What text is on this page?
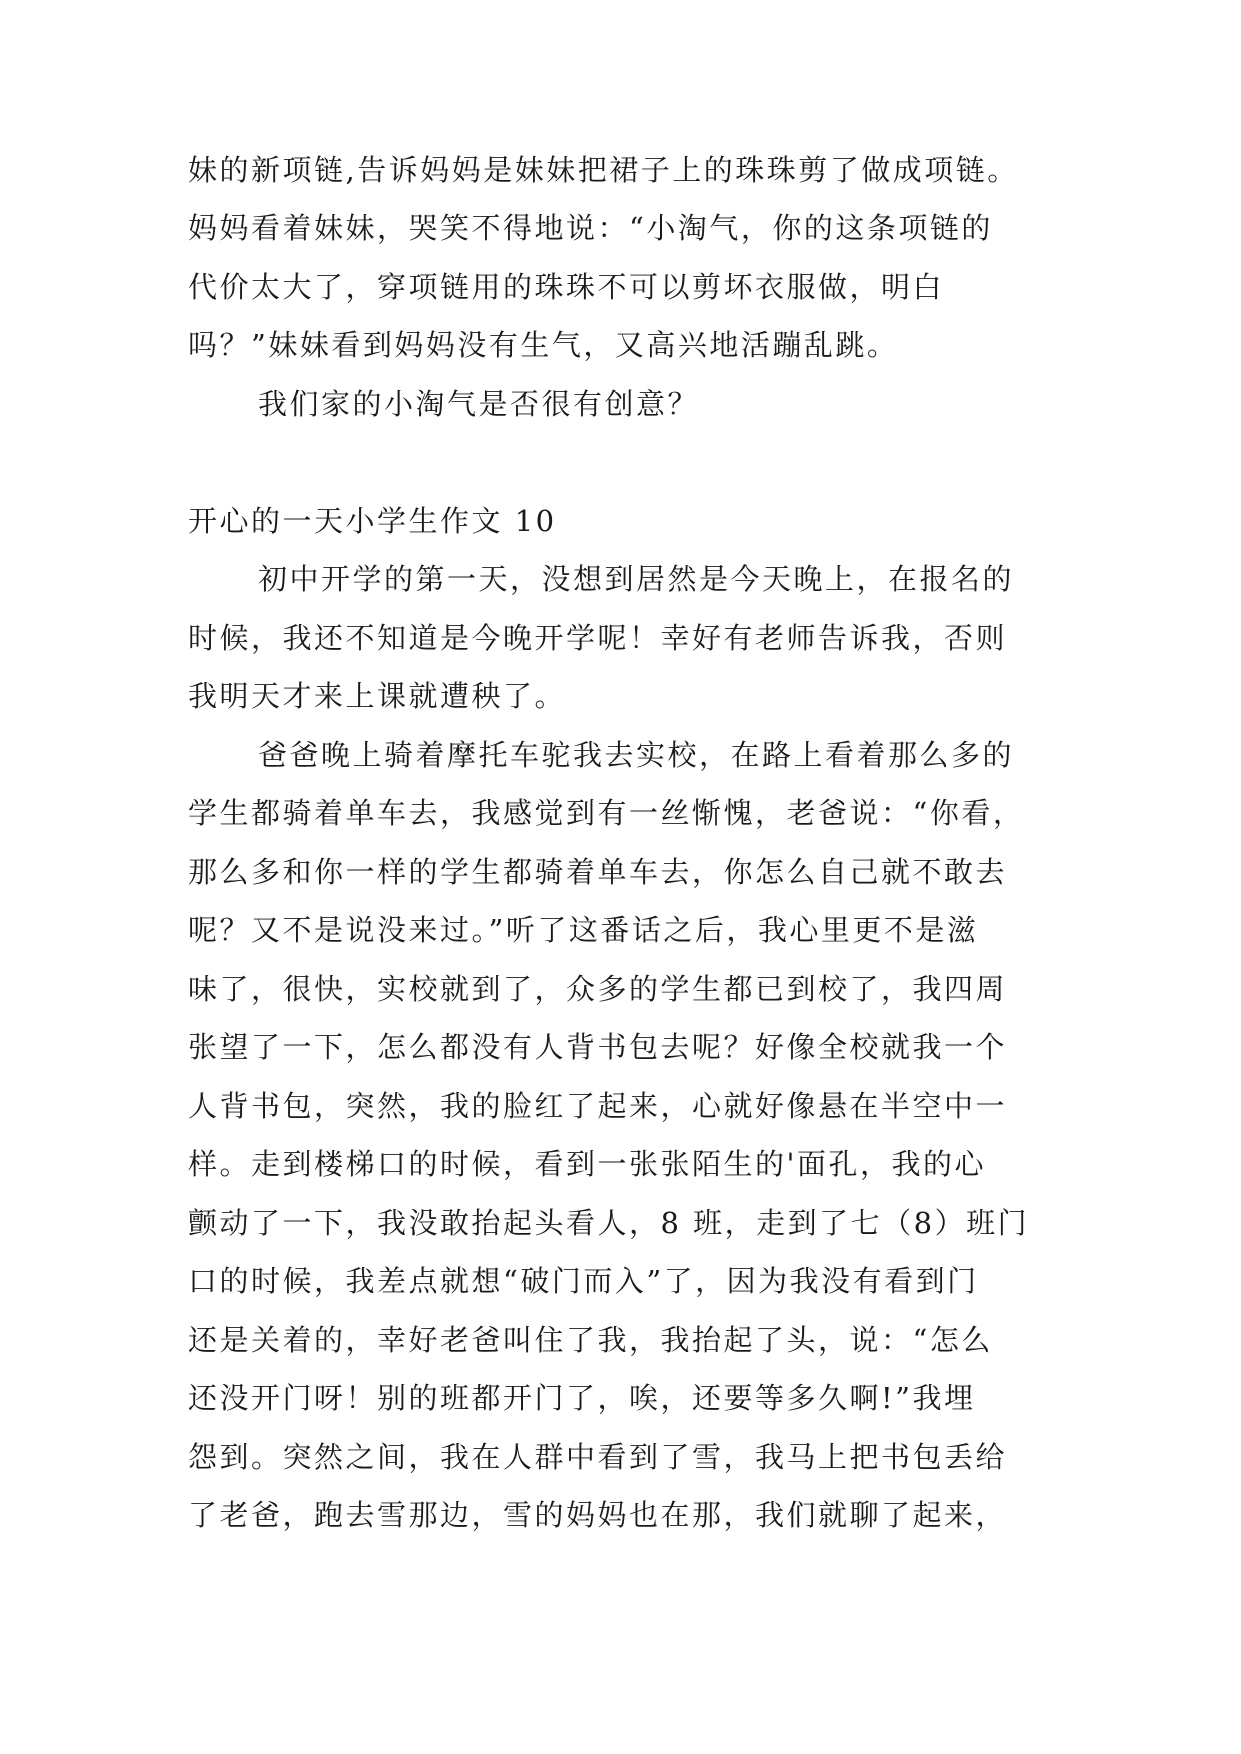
妹的新项链,告诉妈妈是妹妹把裙子上的珠珠剪了做成项链。
妈妈看着妹妹，哭笑不得地说：“小淘气，你的这条项链的
代价太大了，穿项链用的珠珠不可以剪坏衣服做，明白
吗？”妹妹看到妈妈没有生气，又高兴地活蹦乱跳。
我们家的小淘气是否很有创意？
开心的一天小学生作文 10
初中开学的第一天，没想到居然是今天晚上，在报名的
时候，我还不知道是今晚开学呢！幸好有老师告诉我，否则
我明天才来上课就遭秧了。
爸爸晚上骑着摩托车驼我去实校，在路上看着那么多的
学生都骑着单车去，我感觉到有一丝惭愧，老爸说：“你看，
那么多和你一样的学生都骑着单车去，你怎么自己就不敢去
呢？又不是说没来过。”听了这番话之后，我心里更不是滋
味了，很快，实校就到了，众多的学生都已到校了，我四周
张望了一下，怎么都没有人背书包去呢？好像全校就我一个
人背书包，突然，我的脸红了起来，心就好像悬在半空中一
样。走到楼梯口的时候，看到一张张陌生的'面孔，我的心
颤动了一下，我没敢抬起头看人，8 班，走到了七（8）班门
口的时候，我差点就想“破门而入”了，因为我没有看到门
还是关着的，幸好老爸叫住了我，我抬起了头，说：“怎么
还没开门呀！别的班都开门了，唉，还要等多久啊!”我埋
怨到。突然之间，我在人群中看到了雪，我马上把书包丢给
了老爸，跑去雪那边，雪的妈妈也在那，我们就聊了起来，
